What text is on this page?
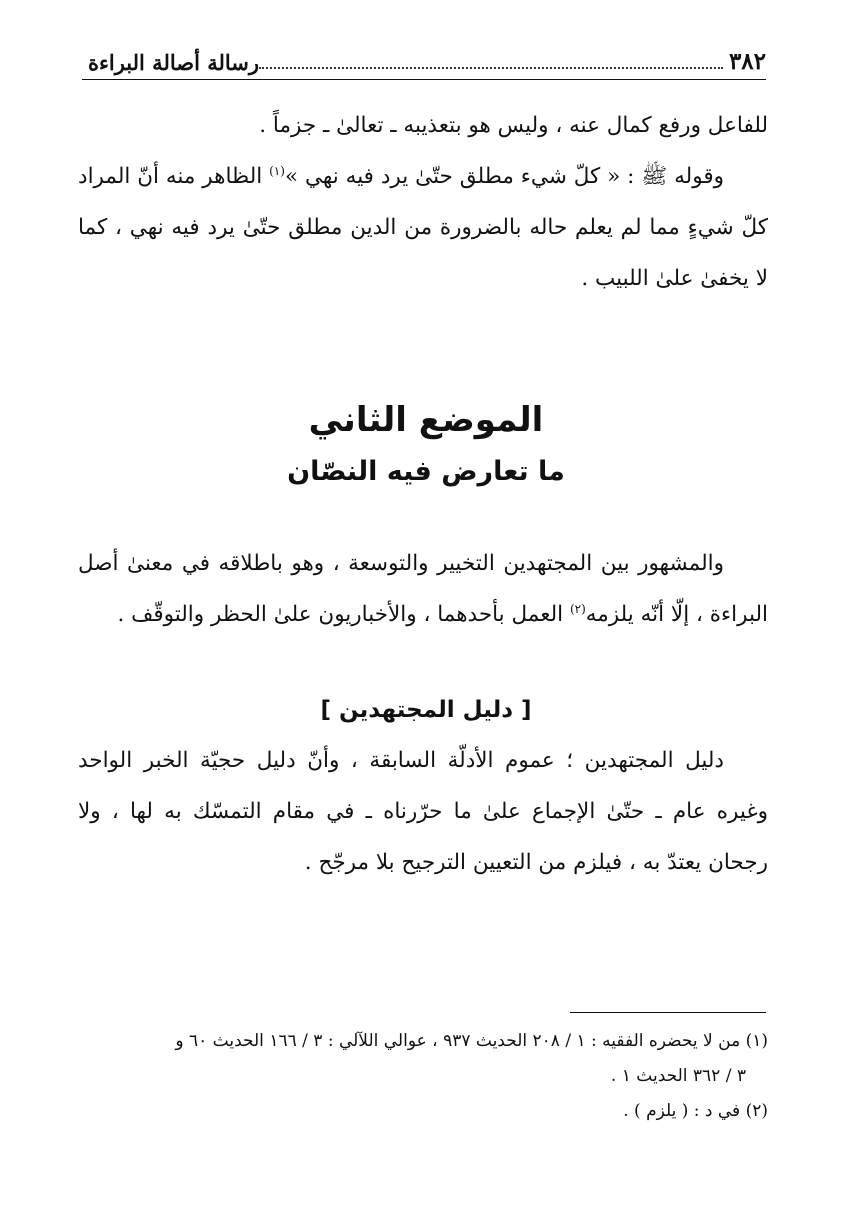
٣٨٢
رسالة أصالة البراءة

للفاعل ورفع كمال عنه ، وليس هو بتعذيبه ـ تعالىٰ ـ جزماً .

وقوله ﷺ : « كلّ شيء مطلق حتّىٰ يرد فيه نهي »$^{(١)}$ الظاهر منه أنّ المراد كلّ شيءٍ مما لم يعلم حاله بالضرورة من الدين مطلق حتّىٰ يرد فيه نهي ، كما لا يخفىٰ علىٰ اللبيب .

الموضع الثاني
ما تعارض فيه النصّان

والمشهور بين المجتهدين التخيير والتوسعة ، وهو باطلاقه في معنىٰ أصل البراءة ، إلّا أنّه يلزمه$^{(٢)}$ العمل بأحدهما ، والأخباريون علىٰ الحظر والتوقّف .

[ دليل المجتهدين ]

دليل المجتهدين ؛ عموم الأدلّة السابقة ، وأنّ دليل حجيّة الخبر الواحد وغيره عام ـ حتّىٰ الإجماع علىٰ ما حرّرناه ـ في مقام التمسّك به لها ، ولا رجحان يعتدّ به ، فيلزم من التعيين الترجيح بلا مرجّح .

(١) من لا يحضره الفقيه : ١ / ٢٠٨ الحديث ٩٣٧ ، عوالي اللآلي : ٣ / ١٦٦ الحديث ٦٠ و

٣ / ٣٦٢ الحديث ١ .

(٢) في د : ( يلزم ) .
